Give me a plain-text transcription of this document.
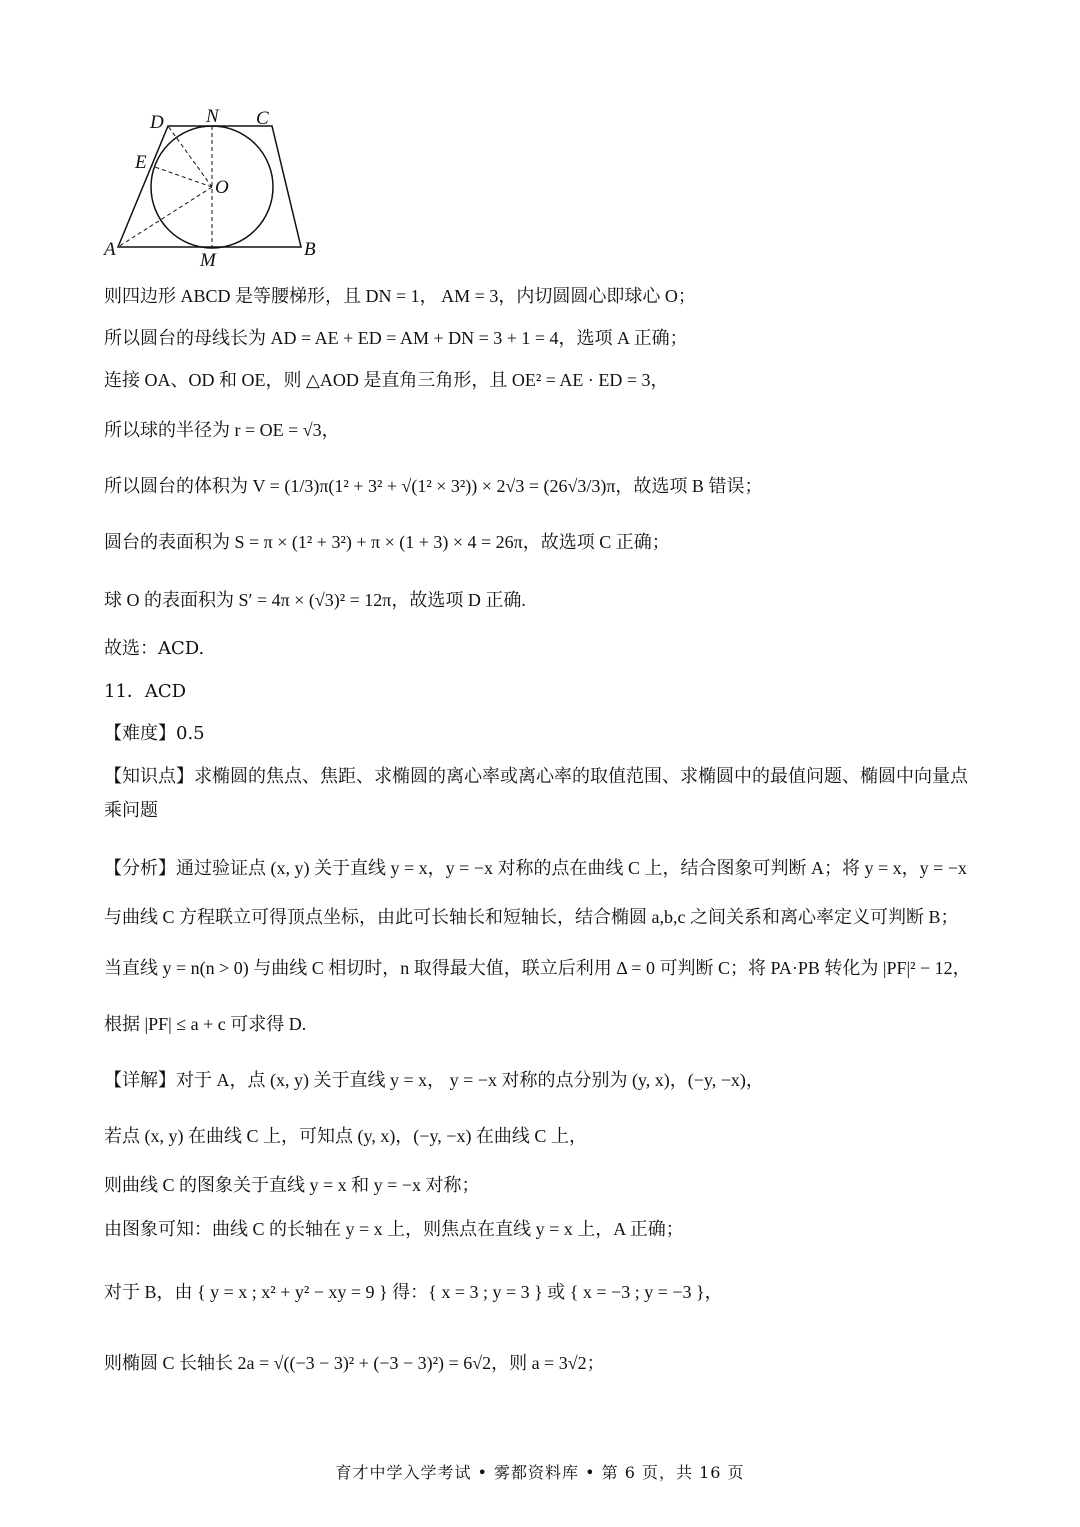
D N C
E
O
A
M
B
则四边形 ABCD 是等腰梯形，且 DN = 1， AM = 3，内切圆圆心即球心 O；
所以圆台的母线长为 AD = AE + ED = AM + DN = 3 + 1 = 4，选项 A 正确；
连接 OA、OD 和 OE，则 △AOD 是直角三角形，且 OE² = AE · ED = 3，
所以球的半径为 r = OE = √3，
所以圆台的体积为 V = (1/3)π(1² + 3² + √(1² × 3²)) × 2√3 = (26√3/3)π，故选项 B 错误；
圆台的表面积为 S = π × (1² + 3²) + π × (1 + 3) × 4 = 26π，故选项 C 正确；
球 O 的表面积为 S′ = 4π × (√3)² = 12π，故选项 D 正确.
故选：ACD.
11．ACD
【难度】0.5
【知识点】求椭圆的焦点、焦距、求椭圆的离心率或离心率的取值范围、求椭圆中的最值问题、椭圆中向量点乘问题
【分析】通过验证点 (x, y) 关于直线 y = x，y = −x 对称的点在曲线 C 上，结合图象可判断 A；将 y = x，y = −x
与曲线 C 方程联立可得顶点坐标，由此可长轴长和短轴长，结合椭圆 a,b,c 之间关系和离心率定义可判断 B；
当直线 y = n(n > 0) 与曲线 C 相切时，n 取得最大值，联立后利用 Δ = 0 可判断 C；将 PA·PB 转化为 |PF|² − 12，
根据 |PF| ≤ a + c 可求得 D.
【详解】对于 A，点 (x, y) 关于直线 y = x， y = −x 对称的点分别为 (y, x)，(−y, −x)，
若点 (x, y) 在曲线 C 上，可知点 (y, x)，(−y, −x) 在曲线 C 上，
则曲线 C 的图象关于直线 y = x 和 y = −x 对称；
由图象可知：曲线 C 的长轴在 y = x 上，则焦点在直线 y = x 上，A 正确；
对于 B，由 { y = x ; x² + y² − xy = 9 } 得：{ x = 3 ; y = 3 } 或 { x = −3 ; y = −3 }，
则椭圆 C 长轴长 2a = √((−3 − 3)² + (−3 − 3)²) = 6√2，则 a = 3√2；
育才中学入学考试 • 雾都资料库 • 第 6 页，共 16 页
